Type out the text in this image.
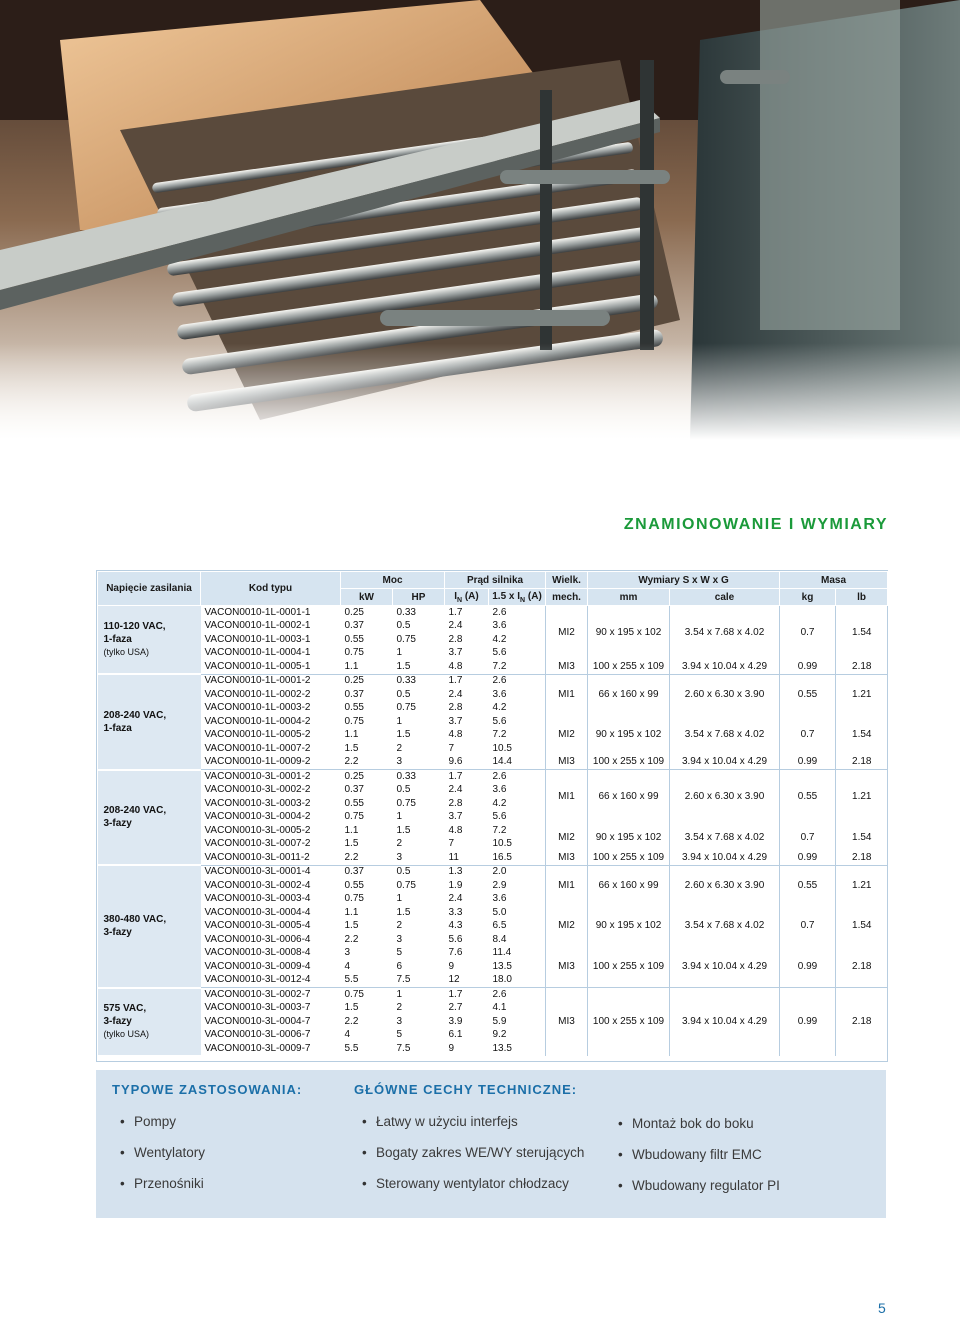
ZNAMIONOWANIE I WYMIARY
Napięcie zasilania	Kod typu	Moc		Prąd silnika		Wielk.	Wymiary S x W x G		Masa	
		kW	HP	$I_N$ (A)	1.5 x $I_N$ (A)	mech.	mm	cale	kg	lb

110-120 VAC,
1-faza
(tylko USA)	VACON0010-1L-0001-1	0.25	0.33	1.7	2.6	MI2	90 x 195 x 102	3.54 x 7.68 x 4.02	0.7	1.54
	VACON0010-1L-0002-1	0.37	0.5	2.4	3.6					
	VACON0010-1L-0003-1	0.55	0.75	2.8	4.2					
	VACON0010-1L-0004-1	0.75	1	3.7	5.6					
	VACON0010-1L-0005-1	1.1	1.5	4.8	7.2	MI3	100 x 255 x 109	3.94 x 10.04 x 4.29	0.99	2.18

208-240 VAC,
1-faza	VACON0010-1L-0001-2	0.25	0.33	1.7	2.6	MI1	66 x 160 x 99	2.60 x 6.30 x 3.90	0.55	1.21
	VACON0010-1L-0002-2	0.37	0.5	2.4	3.6					
	VACON0010-1L-0003-2	0.55	0.75	2.8	4.2					
	VACON0010-1L-0004-2	0.75	1	3.7	5.6	MI2	90 x 195 x 102	3.54 x 7.68 x 4.02	0.7	1.54
	VACON0010-1L-0005-2	1.1	1.5	4.8	7.2					
	VACON0010-1L-0007-2	1.5	2	7	10.5					
	VACON0010-1L-0009-2	2.2	3	9.6	14.4	MI3	100 x 255 x 109	3.94 x 10.04 x 4.29	0.99	2.18

208-240 VAC,
3-fazy	VACON0010-3L-0001-2	0.25	0.33	1.7	2.6	MI1	66 x 160 x 99	2.60 x 6.30 x 3.90	0.55	1.21
	VACON0010-3L-0002-2	0.37	0.5	2.4	3.6					
	VACON0010-3L-0003-2	0.55	0.75	2.8	4.2					
	VACON0010-3L-0004-2	0.75	1	3.7	5.6					
	VACON0010-3L-0005-2	1.1	1.5	4.8	7.2	MI2	90 x 195 x 102	3.54 x 7.68 x 4.02	0.7	1.54
	VACON0010-3L-0007-2	1.5	2	7	10.5					
	VACON0010-3L-0011-2	2.2	3	11	16.5	MI3	100 x 255 x 109	3.94 x 10.04 x 4.29	0.99	2.18

380-480 VAC,
3-fazy	VACON0010-3L-0001-4	0.37	0.5	1.3	2.0	MI1	66 x 160 x 99	2.60 x 6.30 x 3.90	0.55	1.21
	VACON0010-3L-0002-4	0.55	0.75	1.9	2.9					
	VACON0010-3L-0003-4	0.75	1	2.4	3.6					
	VACON0010-3L-0004-4	1.1	1.5	3.3	5.0	MI2	90 x 195 x 102	3.54 x 7.68 x 4.02	0.7	1.54
	VACON0010-3L-0005-4	1.5	2	4.3	6.5					
	VACON0010-3L-0006-4	2.2	3	5.6	8.4					
	VACON0010-3L-0008-4	3	5	7.6	11.4	MI3	100 x 255 x 109	3.94 x 10.04 x 4.29	0.99	2.18
	VACON0010-3L-0009-4	4	6	9	13.5					
	VACON0010-3L-0012-4	5.5	7.5	12	18.0					

575 VAC,
3-fazy
(tylko USA)	VACON0010-3L-0002-7	0.75	1	1.7	2.6	MI3	100 x 255 x 109	3.94 x 10.04 x 4.29	0.99	2.18
	VACON0010-3L-0003-7	1.5	2	2.7	4.1					
	VACON0010-3L-0004-7	2.2	3	3.9	5.9					
	VACON0010-3L-0006-7	4	5	6.1	9.2					
	VACON0010-3L-0009-7	5.5	7.5	9	13.5					
TYPOWE ZASTOSOWANIA:
• Pompy
• Wentylatory
• Przenośniki
GŁÓWNE CECHY TECHNICZNE:
• Łatwy w użyciu interfejs
• Bogaty zakres WE/WY sterujących
• Sterowany wentylator chłodzacy
• Montaż bok do boku
• Wbudowany filtr EMC
• Wbudowany regulator PI
5
